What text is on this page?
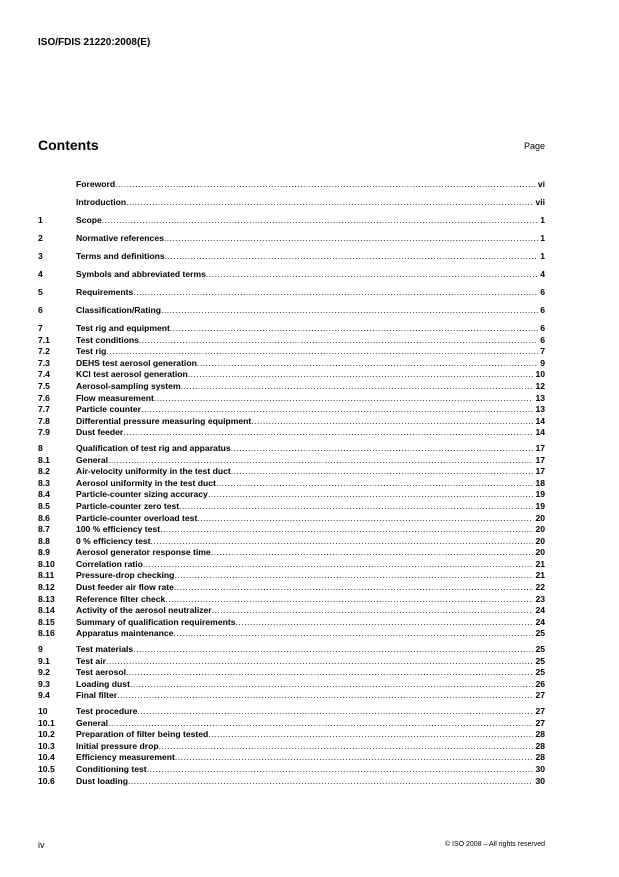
ISO/FDIS 21220:2008(E)
Contents	Page
Foreword .....	vi
Introduction .....	vii
1	Scope .....	1
2	Normative references .....	1
3	Terms and definitions .....	1
4	Symbols and abbreviated terms .....	4
5	Requirements .....	6
6	Classification/Rating .....	6
7	Test rig and equipment .....	6
7.1	Test conditions .....	6
7.2	Test rig .....	7
7.3	DEHS test aerosol generation .....	9
7.4	KCl test aerosol generation .....	10
7.5	Aerosol-sampling system .....	12
7.6	Flow measurement .....	13
7.7	Particle counter .....	13
7.8	Differential pressure measuring equipment .....	14
7.9	Dust feeder .....	14
8	Qualification of test rig and apparatus .....	17
8.1	General .....	17
8.2	Air-velocity uniformity in the test duct .....	17
8.3	Aerosol uniformity in the test duct .....	18
8.4	Particle-counter sizing accuracy .....	19
8.5	Particle-counter zero test .....	19
8.6	Particle-counter overload test .....	20
8.7	100 % efficiency test .....	20
8.8	0 % efficiency test .....	20
8.9	Aerosol generator response time .....	20
8.10	Correlation ratio .....	21
8.11	Pressure-drop checking .....	21
8.12	Dust feeder air flow rate .....	22
8.13	Reference filter check .....	23
8.14	Activity of the aerosol neutralizer .....	24
8.15	Summary of qualification requirements .....	24
8.16	Apparatus maintenance .....	25
9	Test materials .....	25
9.1	Test air .....	25
9.2	Test aerosol .....	25
9.3	Loading dust .....	26
9.4	Final filter .....	27
10	Test procedure .....	27
10.1	General .....	27
10.2	Preparation of filter being tested .....	28
10.3	Initial pressure drop .....	28
10.4	Efficiency measurement .....	28
10.5	Conditioning test .....	30
10.6	Dust loading .....	30
iv	© ISO 2008 – All rights reserved
